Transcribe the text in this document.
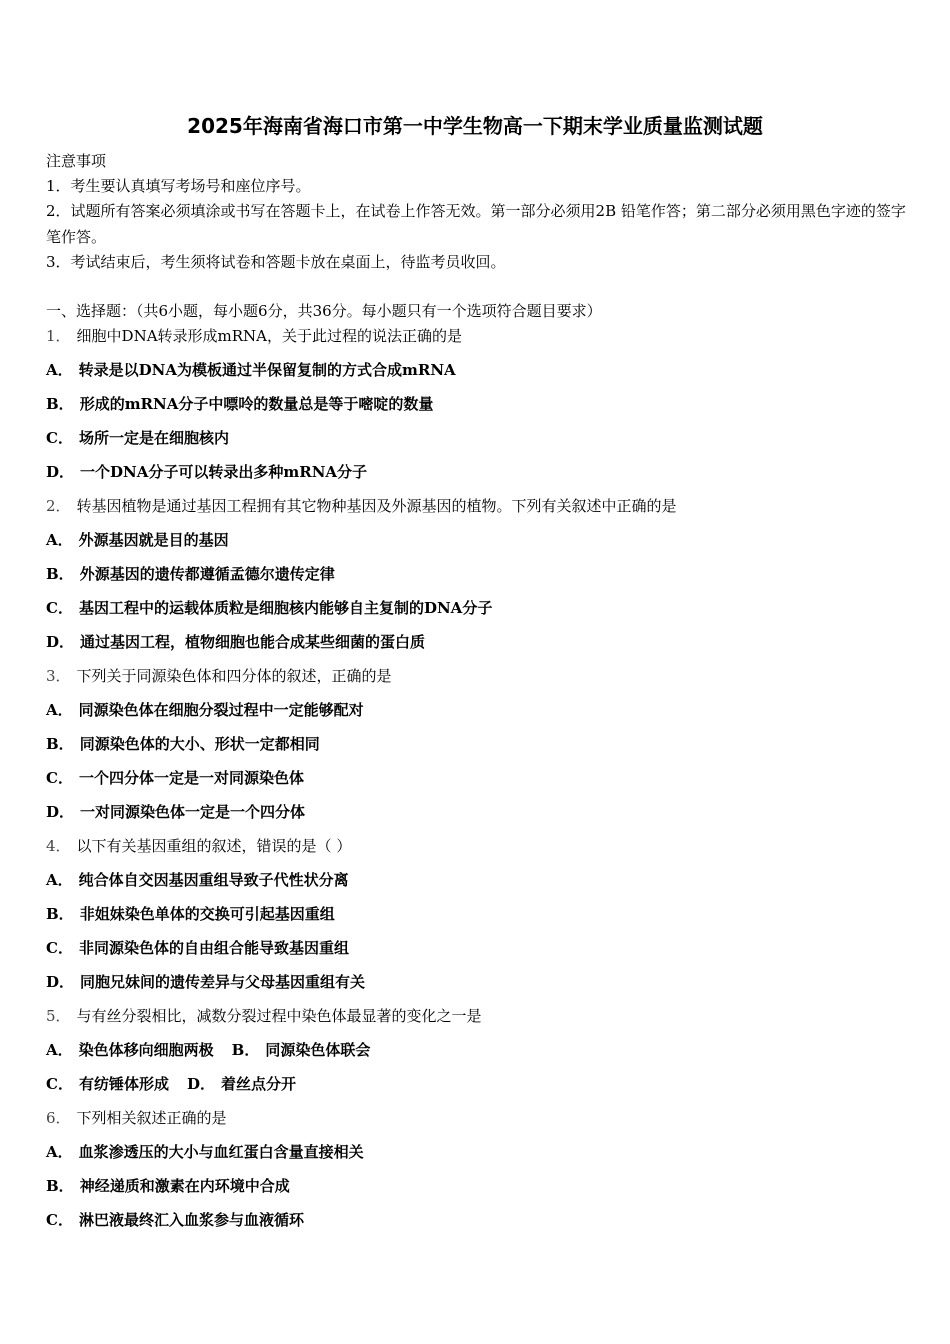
2025年海南省海口市第一中学生物高一下期末学业质量监测试题
注意事项
1．考生要认真填写考场号和座位序号。
2．试题所有答案必须填涂或书写在答题卡上，在试卷上作答无效。第一部分必须用2B 铅笔作答；第二部分必须用黑色字迹的签字笔作答。
3．考试结束后，考生须将试卷和答题卡放在桌面上，待监考员收回。
一、选择题：（共6小题，每小题6分，共36分。每小题只有一个选项符合题目要求）
1． 细胞中DNA转录形成mRNA，关于此过程的说法正确的是
A． 转录是以DNA为模板通过半保留复制的方式合成mRNA
B． 形成的mRNA分子中嘌呤的数量总是等于嘧啶的数量
C． 场所一定是在细胞核内
D． 一个DNA分子可以转录出多种mRNA分子
2． 转基因植物是通过基因工程拥有其它物种基因及外源基因的植物。下列有关叙述中正确的是
A． 外源基因就是目的基因
B． 外源基因的遗传都遵循孟德尔遗传定律
C． 基因工程中的运载体质粒是细胞核内能够自主复制的DNA分子
D． 通过基因工程，植物细胞也能合成某些细菌的蛋白质
3． 下列关于同源染色体和四分体的叙述，正确的是
A． 同源染色体在细胞分裂过程中一定能够配对
B． 同源染色体的大小、形状一定都相同
C． 一个四分体一定是一对同源染色体
D． 一对同源染色体一定是一个四分体
4． 以下有关基因重组的叙述，错误的是（ ）
A． 纯合体自交因基因重组导致子代性状分离
B． 非姐妹染色单体的交换可引起基因重组
C． 非同源染色体的自由组合能导致基因重组
D． 同胞兄妹间的遗传差异与父母基因重组有关
5． 与有丝分裂相比，减数分裂过程中染色体最显著的变化之一是
A． 染色体移向细胞两极 B． 同源染色体联会
C． 有纺锤体形成 D． 着丝点分开
6． 下列相关叙述正确的是
A． 血浆渗透压的大小与血红蛋白含量直接相关
B． 神经递质和激素在内环境中合成
C． 淋巴液最终汇入血浆参与血液循环
